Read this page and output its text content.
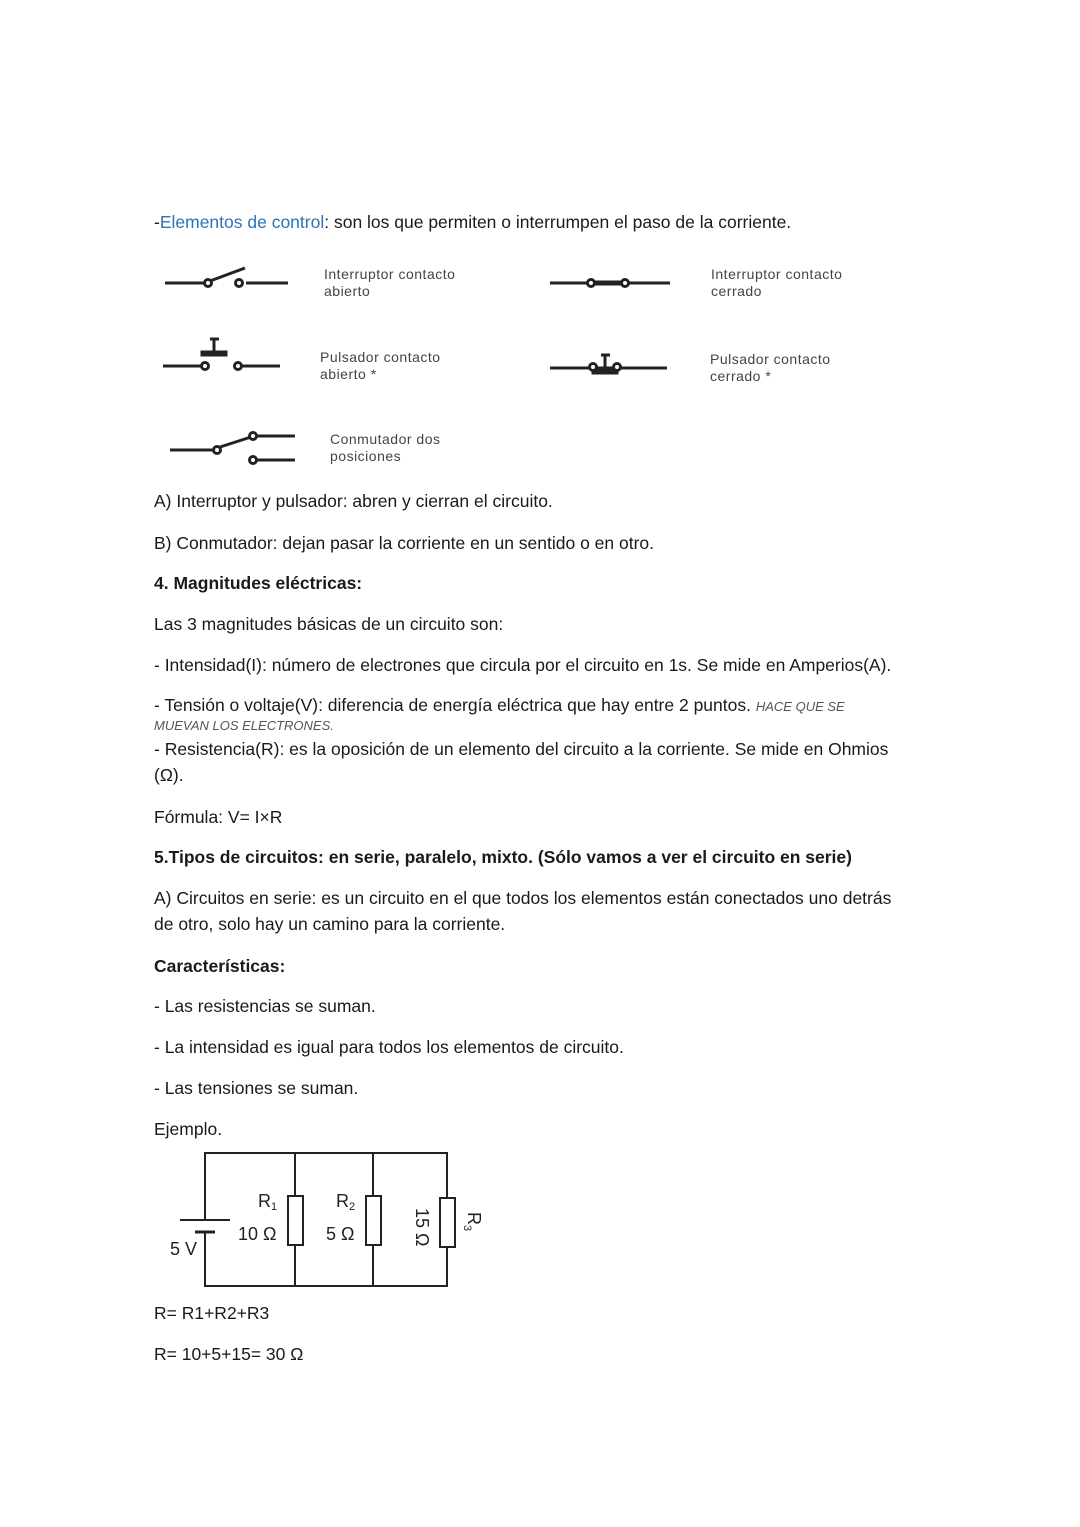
-Elementos de control: son los que permiten o interrumpen el paso de la corriente.
Interruptor contacto
abierto
Interruptor contacto
cerrado
Pulsador contacto
abierto *
Pulsador contacto
cerrado *
Conmutador dos
posiciones
A) Interruptor y pulsador: abren y cierran el circuito.
B) Conmutador: dejan pasar la corriente en un sentido o en otro.
4. Magnitudes eléctricas:
Las 3 magnitudes básicas de un circuito son:
- Intensidad(I): número de electrones que circula por el circuito en 1s. Se mide en Amperios(A).
- Tensión o voltaje(V): diferencia de energía eléctrica que hay entre 2 puntos. HACE QUE SE
MUEVAN LOS ELECTRONES.
- Resistencia(R): es la oposición de un elemento del circuito a la corriente. Se mide en Ohmios
(Ω).
Fórmula: V= I×R
5.Tipos de circuitos: en serie, paralelo, mixto. (Sólo vamos a ver el circuito en serie)
A) Circuitos en serie: es un circuito en el que todos los elementos están conectados uno detrás
de otro, solo hay un camino para la corriente.
Características:
- Las resistencias se suman.
- La intensidad es igual para todos los elementos de circuito.
- Las tensiones se suman.
Ejemplo.
5 V
R 1
10 Ω
R 2
5 Ω	15 Ω R
3
R= R1+R2+R3
R= 10+5+15= 30 Ω
